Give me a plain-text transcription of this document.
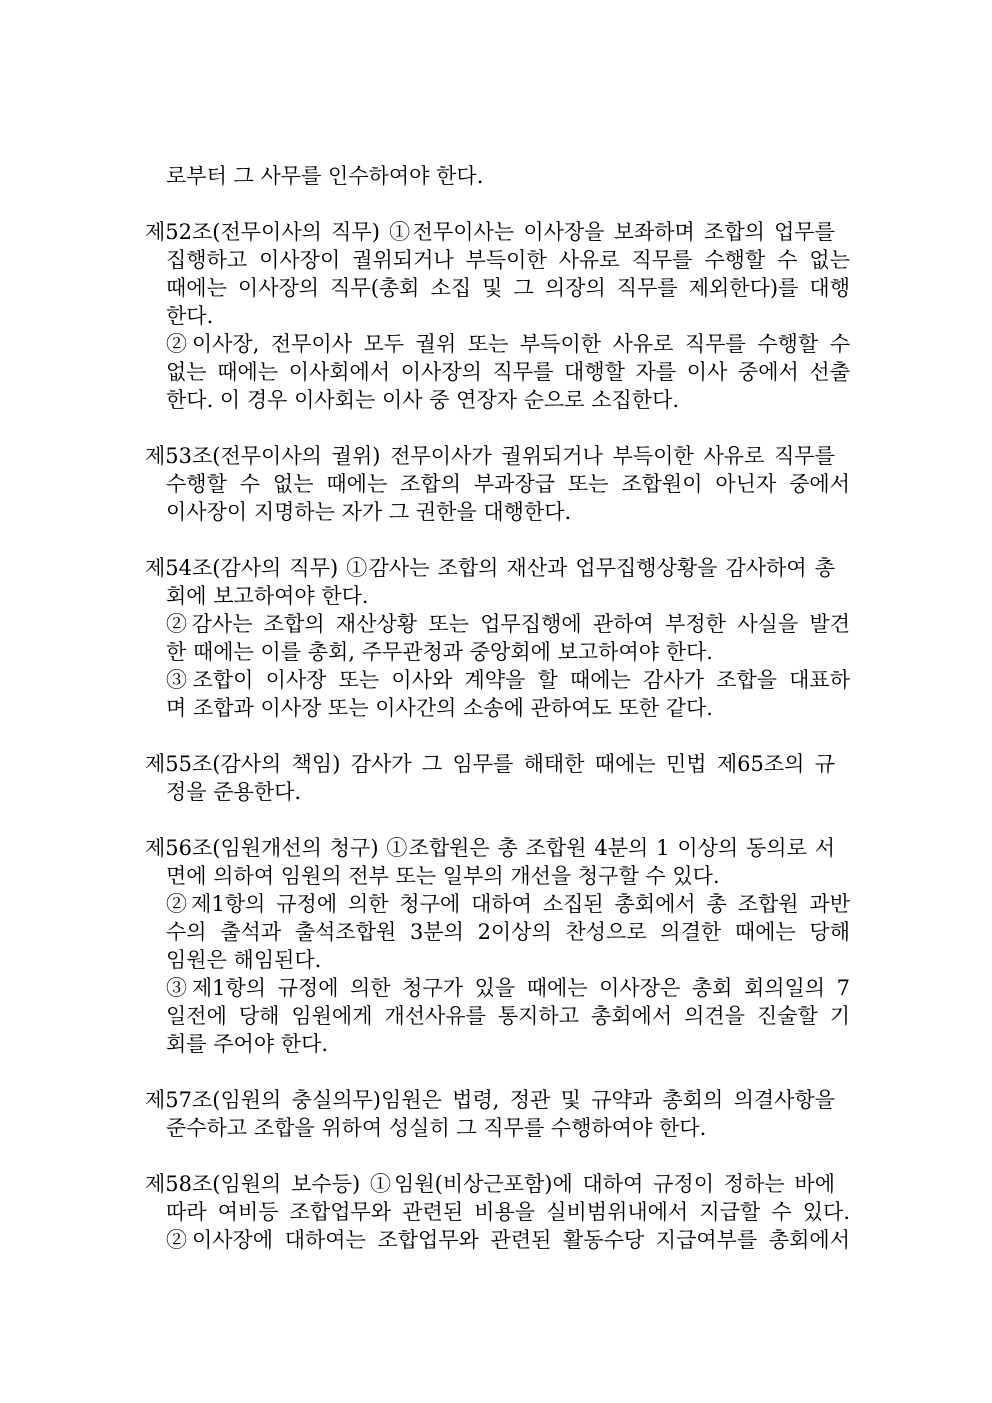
로부터 그 사무를 인수하여야 한다.
제52조(전무이사의 직무) ①전무이사는 이사장을 보좌하며 조합의 업무를
집행하고 이사장이 궐위되거나 부득이한 사유로 직무를 수행할 수 없는
때에는 이사장의 직무(총회 소집 및 그 의장의 직무를 제외한다)를 대행
한다.
②이사장, 전무이사 모두 궐위 또는 부득이한 사유로 직무를 수행할 수
없는 때에는 이사회에서 이사장의 직무를 대행할 자를 이사 중에서 선출
한다. 이 경우 이사회는 이사 중 연장자 순으로 소집한다.
제53조(전무이사의 궐위) 전무이사가 궐위되거나 부득이한 사유로 직무를
수행할 수 없는 때에는 조합의 부과장급 또는 조합원이 아닌자 중에서
이사장이 지명하는 자가 그 권한을 대행한다.
제54조(감사의 직무) ①감사는 조합의 재산과 업무집행상황을 감사하여 총
회에 보고하여야 한다.
②감사는 조합의 재산상황 또는 업무집행에 관하여 부정한 사실을 발견
한 때에는 이를 총회, 주무관청과 중앙회에 보고하여야 한다.
③조합이 이사장 또는 이사와 계약을 할 때에는 감사가 조합을 대표하
며 조합과 이사장 또는 이사간의 소송에 관하여도 또한 같다.
제55조(감사의 책임) 감사가 그 임무를 해태한 때에는 민법 제65조의 규
정을 준용한다.
제56조(임원개선의 청구) ①조합원은 총 조합원 4분의 1 이상의 동의로 서
면에 의하여 임원의 전부 또는 일부의 개선을 청구할 수 있다.
②제1항의 규정에 의한 청구에 대하여 소집된 총회에서 총 조합원 과반
수의 출석과 출석조합원 3분의 2이상의 찬성으로 의결한 때에는 당해
임원은 해임된다.
③제1항의 규정에 의한 청구가 있을 때에는 이사장은 총회 회의일의 7
일전에 당해 임원에게 개선사유를 통지하고 총회에서 의견을 진술할 기
회를 주어야 한다.
제57조(임원의 충실의무)임원은 법령, 정관 및 규약과 총회의 의결사항을
준수하고 조합을 위하여 성실히 그 직무를 수행하여야 한다.
제58조(임원의 보수등) ①임원(비상근포함)에 대하여 규정이 정하는 바에
따라 여비등 조합업무와 관련된 비용을 실비범위내에서 지급할 수 있다.
②이사장에 대하여는 조합업무와 관련된 활동수당 지급여부를 총회에서
